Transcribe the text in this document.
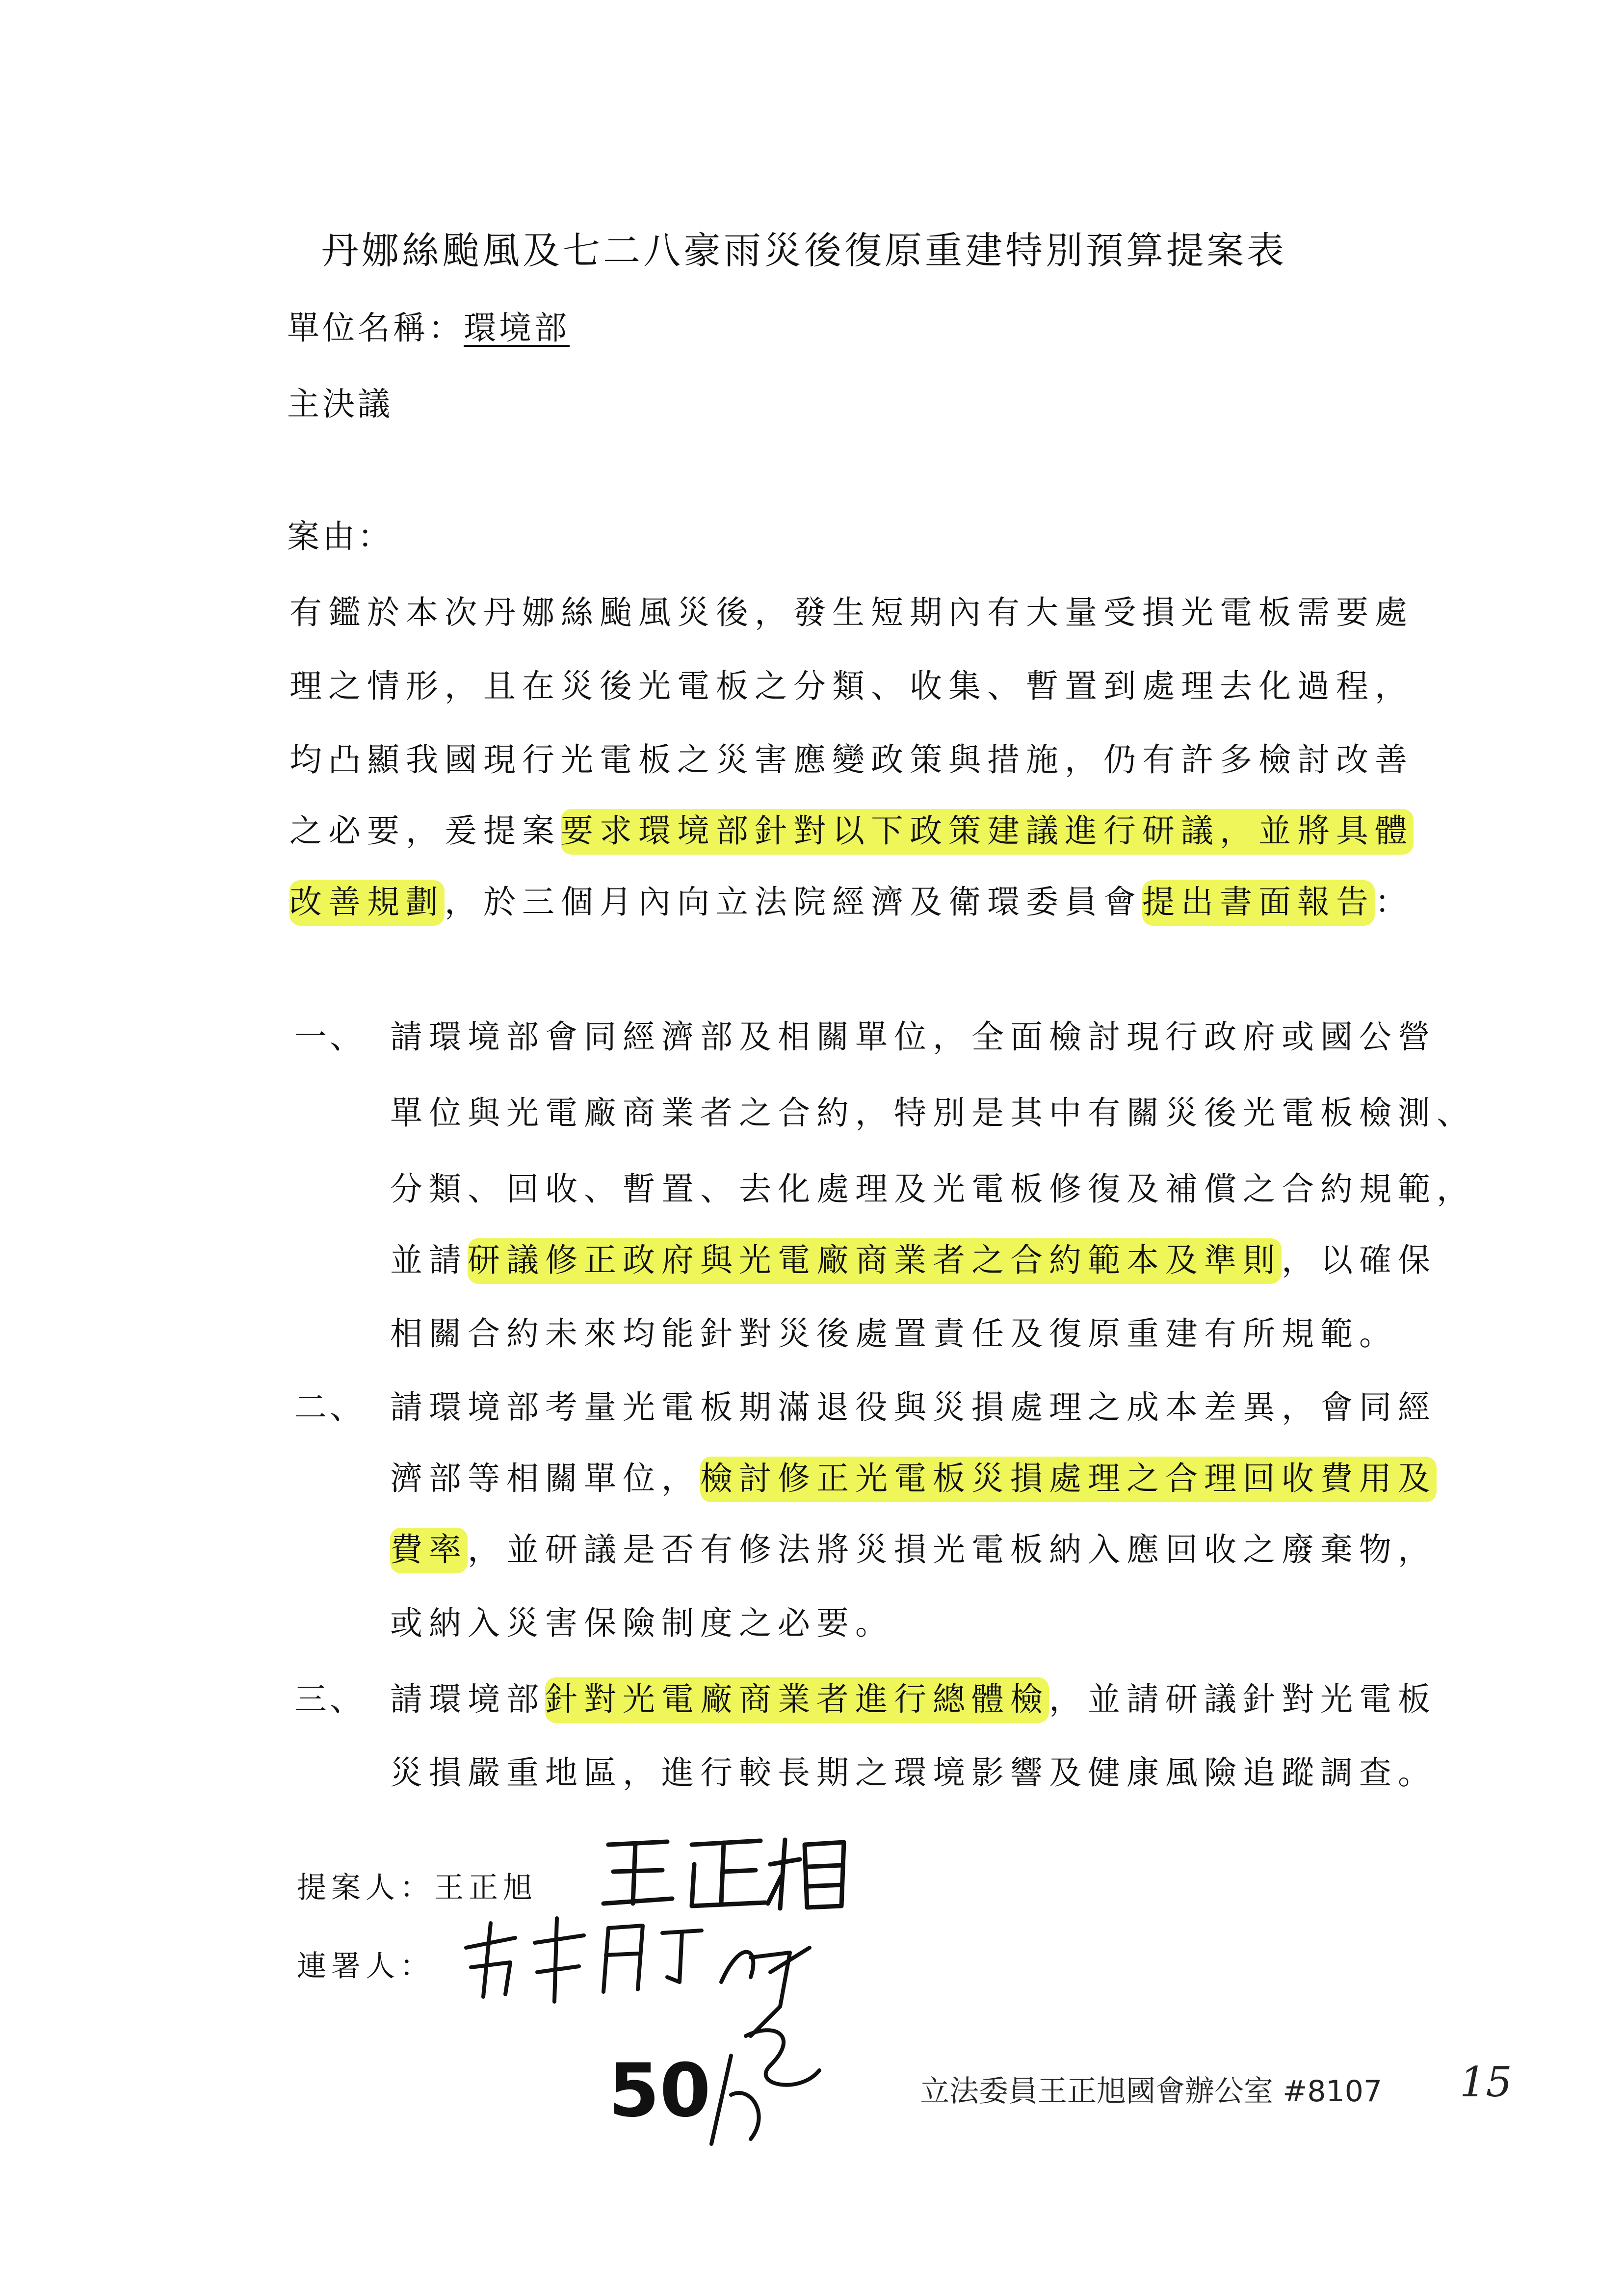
丹娜絲颱風及七二八豪雨災後復原重建特別預算提案表
單位名稱：環境部
主決議
案由：
有鑑於本次丹娜絲颱風災後，發生短期內有大量受損光電板需要處
理之情形，且在災後光電板之分類、收集、暫置到處理去化過程，
均凸顯我國現行光電板之災害應變政策與措施，仍有許多檢討改善
之必要，爰提案要求環境部針對以下政策建議進行研議，並將具體
改善規劃，於三個月內向立法院經濟及衛環委員會提出書面報告：
一、 請環境部會同經濟部及相關單位，全面檢討現行政府或國公營
單位與光電廠商業者之合約，特別是其中有關災後光電板檢測、
分類、回收、暫置、去化處理及光電板修復及補償之合約規範，
並請研議修正政府與光電廠商業者之合約範本及準則，以確保
相關合約未來均能針對災後處置責任及復原重建有所規範。
二、 請環境部考量光電板期滿退役與災損處理之成本差異，會同經
濟部等相關單位，檢討修正光電板災損處理之合理回收費用及
費率，並研議是否有修法將災損光電板納入應回收之廢棄物，
或納入災害保險制度之必要。
三、 請環境部針對光電廠商業者進行總體檢，並請研議針對光電板
災損嚴重地區，進行較長期之環境影響及健康風險追蹤調查。
提案人：王正旭
連署人：
50	立法委員王正旭國會辦公室 #8107 15
